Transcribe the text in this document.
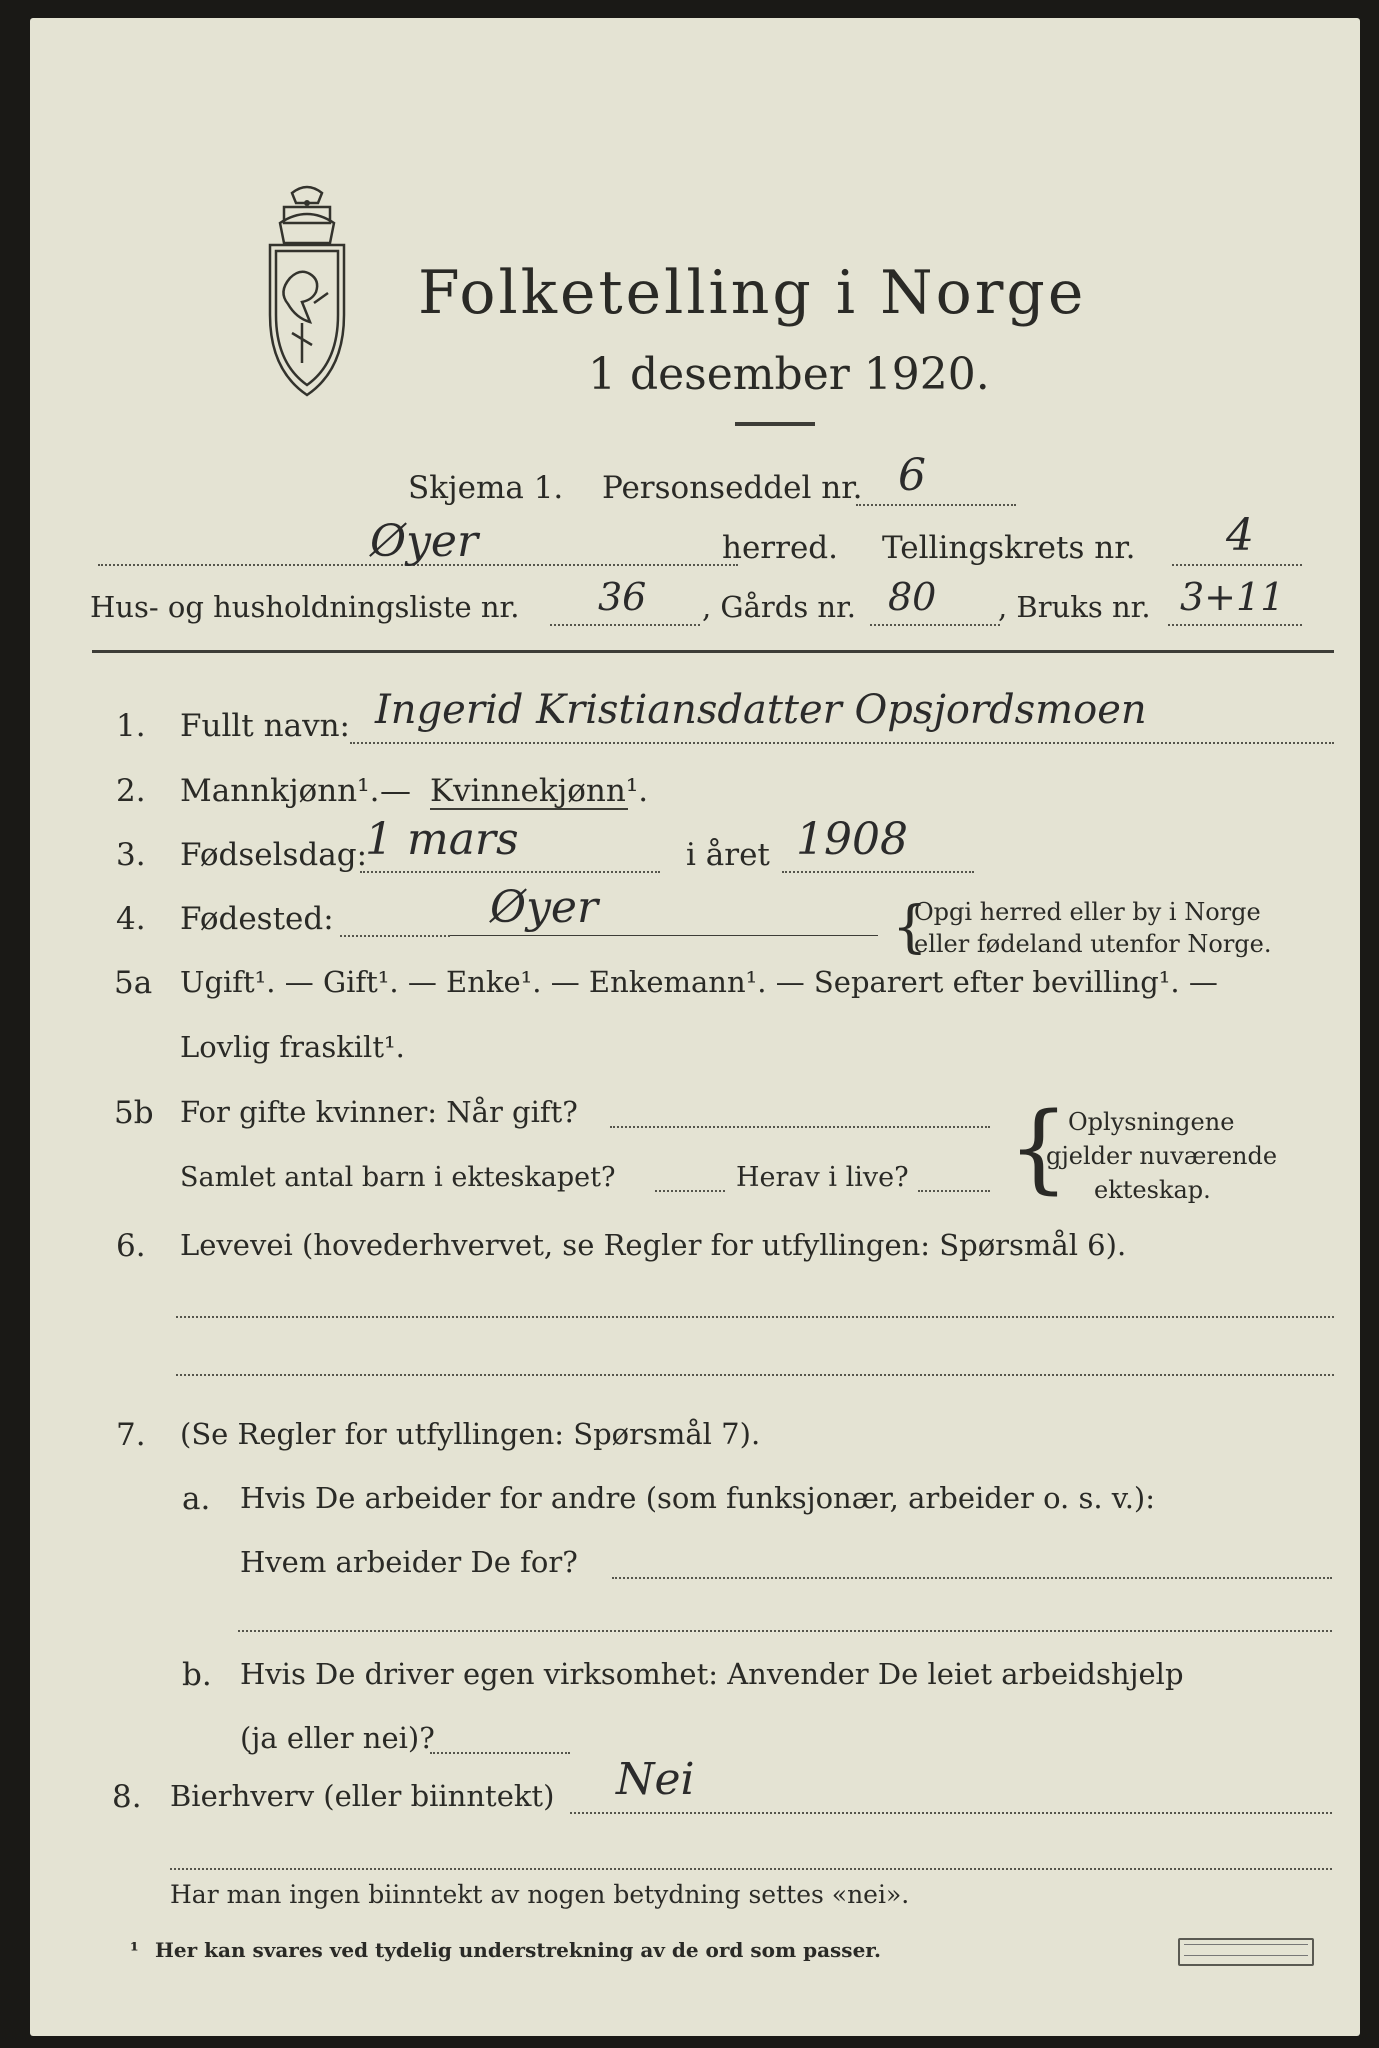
Folketelling i Norge
1 desember 1920.
Skjema 1. Personseddel nr. 6
Øyer	herred. Tellingskrets nr. 4
Hus- og husholdningsliste nr. 36 , Gårds nr. 80 , Bruks nr. 3+11
1. Fullt navn: Ingerid Kristiansdatter Opsjordsmoen
2. Mannkjønn¹. — Kvinnekjønn¹.
3. Fødselsdag:
1 mars	i året 1908
4. Fødested:	Øyer	{
Opgi herred eller by i Norge
eller fødeland utenfor Norge.
5a Ugift¹. — Gift¹. — Enke¹. — Enkemann¹. — Separert efter bevilling¹. —
Lovlig fraskilt¹.
5b For gifte kvinner: Når gift?
Samlet antal barn i ekteskapet?	Herav i live? {
Oplysningene
gjelder nuværende
ekteskap.
6. Levevei (hovederhvervet, se Regler for utfyllingen: Spørsmål 6).
7. (Se Regler for utfyllingen: Spørsmål 7).
a. Hvis De arbeider for andre (som funksjonær, arbeider o. s. v.):
Hvem arbeider De for?
b. Hvis De driver egen virksomhet: Anvender De leiet arbeidshjelp
(ja eller nei)?
8. Bierhverv (eller biinntekt) Nei
Har man ingen biinntekt av nogen betydning settes «nei».
¹ Her kan svares ved tydelig understrekning av de ord som passer.
